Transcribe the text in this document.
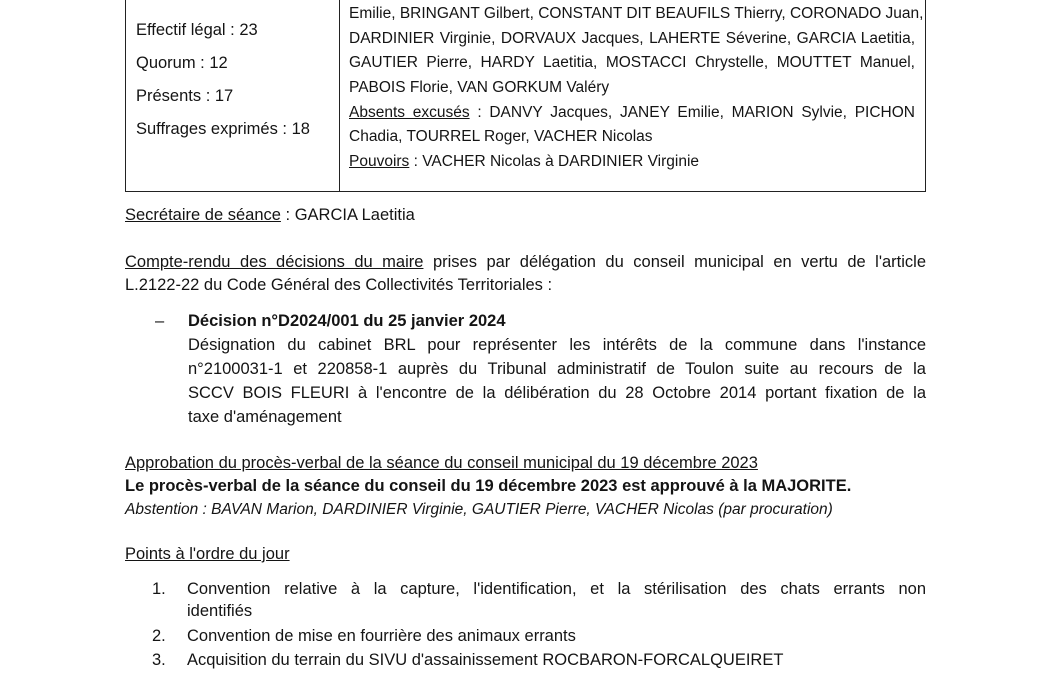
Effectif légal : 23
Quorum : 12
Présents : 17
Suffrages exprimés : 18
Emilie, BRINGANT Gilbert, CONSTANT DIT BEAUFILS Thierry, CORONADO Juan,
DARDINIER Virginie, DORVAUX Jacques, LAHERTE Séverine, GARCIA Laetitia,
GAUTIER Pierre, HARDY Laetitia, MOSTACCI Chrystelle, MOUTTET Manuel,
PABOIS Florie, VAN GORKUM Valéry
Absents excusés : DANVY Jacques, JANEY Emilie, MARION Sylvie, PICHON
Chadia, TOURREL Roger, VACHER Nicolas
Pouvoirs : VACHER Nicolas à DARDINIER Virginie
Secrétaire de séance : GARCIA Laetitia
Compte-rendu des décisions du maire prises par délégation du conseil municipal en vertu de l'article
L.2122-22 du Code Général des Collectivités Territoriales :
– Décision n°D2024/001 du 25 janvier 2024
Désignation du cabinet BRL pour représenter les intérêts de la commune dans l'instance
n°2100031-1 et 220858-1 auprès du Tribunal administratif de Toulon suite au recours de la
SCCV BOIS FLEURI à l'encontre de la délibération du 28 Octobre 2014 portant fixation de la
taxe d'aménagement
Approbation du procès-verbal de la séance du conseil municipal du 19 décembre 2023
Le procès-verbal de la séance du conseil du 19 décembre 2023 est approuvé à la MAJORITE.
Abstention : BAVAN Marion, DARDINIER Virginie, GAUTIER Pierre, VACHER Nicolas (par procuration)
Points à l'ordre du jour
1. Convention relative à la capture, l'identification, et la stérilisation des chats errants non
identifiés
2. Convention de mise en fourrière des animaux errants
3. Acquisition du terrain du SIVU d'assainissement ROCBARON-FORCALQUEIRET
